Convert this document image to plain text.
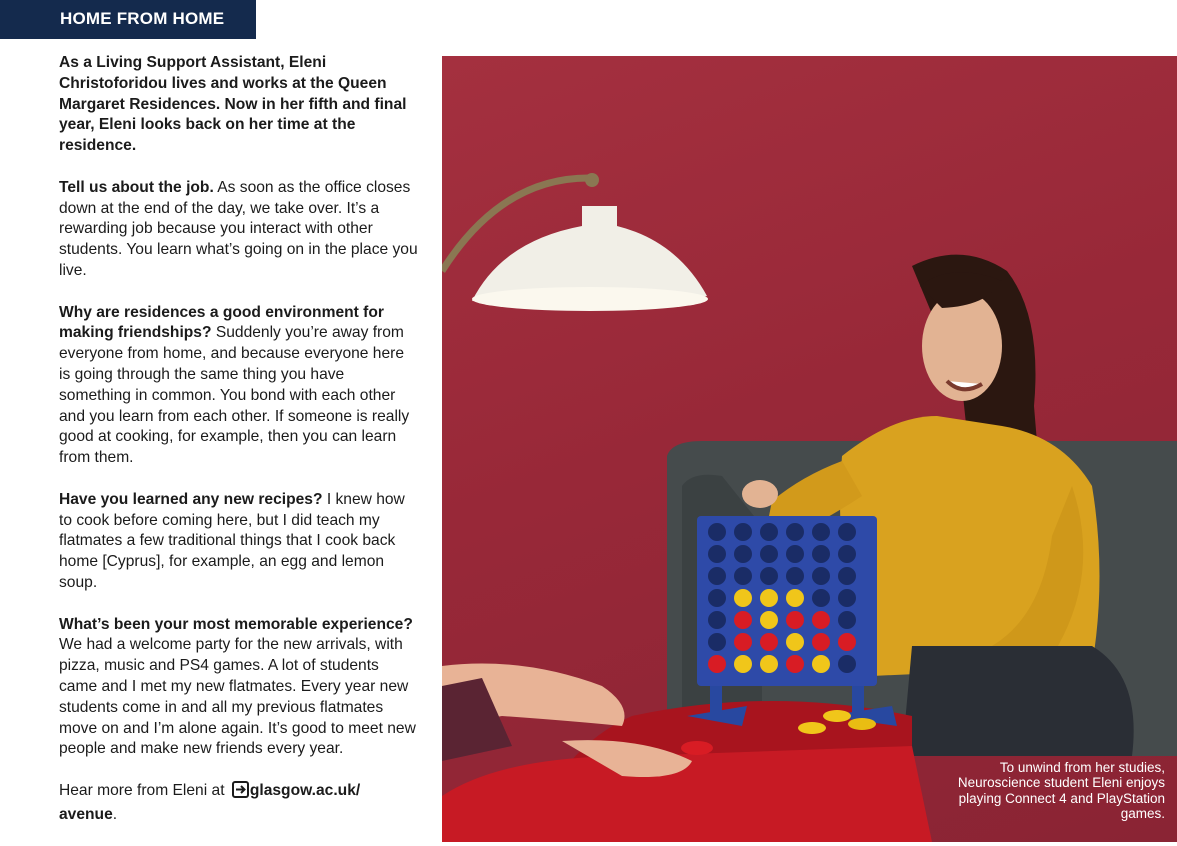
HOME FROM HOME

As a Living Support Assistant, Eleni Christoforidou lives and works at the Queen Margaret Residences. Now in her fifth and final year, Eleni looks back on her time at the residence.

Tell us about the job. As soon as the office closes down at the end of the day, we take over. It’s a rewarding job because you interact with other students. You learn what’s going on in the place you live.

Why are residences a good environment for making friendships? Suddenly you’re away from everyone from home, and because everyone here is going through the same thing you have something in common. You bond with each other and you learn from each other. If someone is really good at cooking, for example, then you can learn from them.

Have you learned any new recipes? I knew how to cook before coming here, but I did teach my flatmates a few traditional things that I cook back home [Cyprus], for example, an egg and lemon soup.

What’s been your most memorable experience? We had a welcome party for the new arrivals, with pizza, music and PS4 games. A lot of students came and I met my new flatmates. Every year new students come in and all my previous flatmates move on and I’m alone again. It’s good to meet new people and make new friends every year.

Hear more from Eleni at glasgow.ac.uk/ avenue.

To unwind from her studies, Neuroscience student Eleni enjoys playing Connect 4 and PlayStation games.
